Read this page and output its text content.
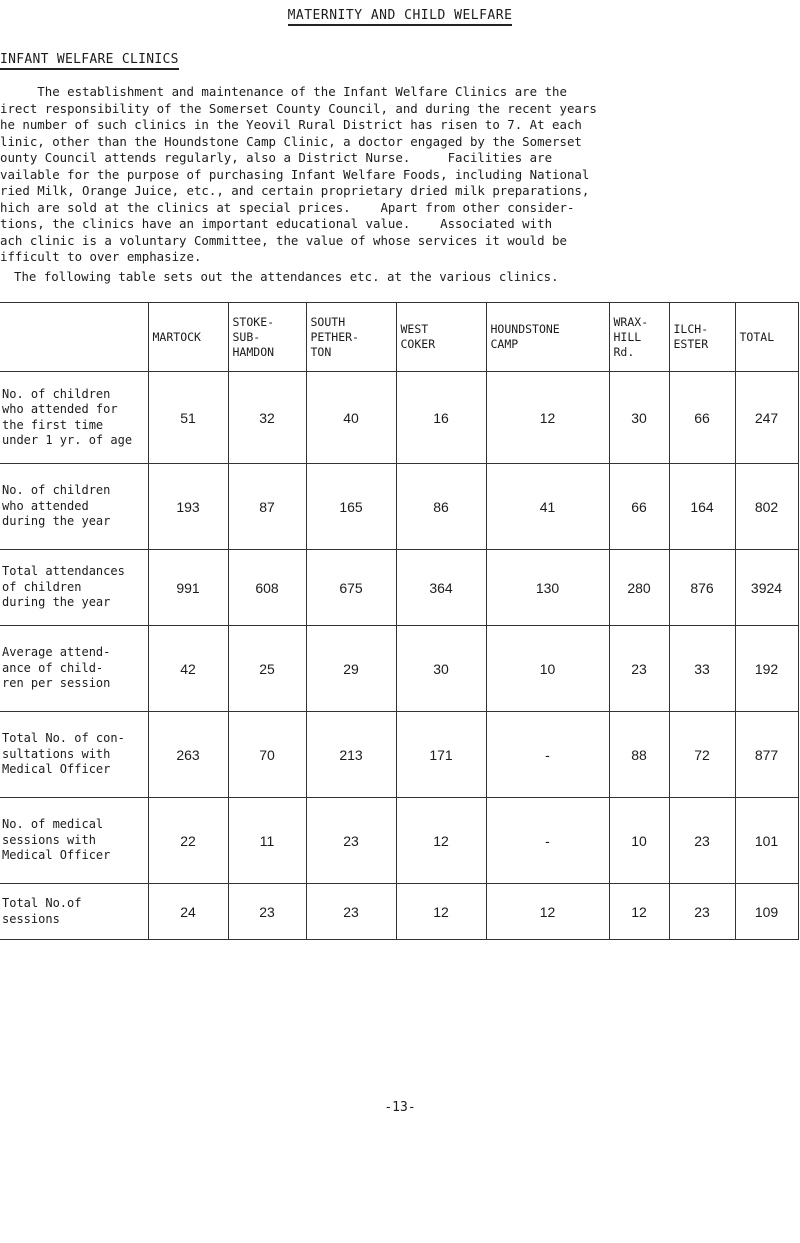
MATERNITY AND CHILD WELFARE
INFANT WELFARE CLINICS
The establishment and maintenance of the Infant Welfare Clinics are the
irect responsibility of the Somerset County Council, and during the recent years
he number of such clinics in the Yeovil Rural District has risen to 7. At each
linic, other than the Houndstone Camp Clinic, a doctor engaged by the Somerset
ounty Council attends regularly, also a District Nurse.     Facilities are
vailable for the purpose of purchasing Infant Welfare Foods, including National
ried Milk, Orange Juice, etc., and certain proprietary dried milk preparations,
hich are sold at the clinics at special prices.    Apart from other consider-
tions, the clinics have an important educational value.    Associated with
ach clinic is a voluntary Committee, the value of whose services it would be
ifficult to over emphasize.
The following table sets out the attendances etc. at the various clinics.
	MARTOCK	STOKE-
SUB-
HAMDON	SOUTH
PETHER-
TON	WEST
COKER	HOUNDSTONE
CAMP	WRAX-
HILL
Rd.	ILCH-
ESTER	TOTAL
No. of children
who attended for
the first time
under 1 yr. of age	51	32	40	16	12	30	66	247
No. of children
who attended
during the year	193	87	165	86	41	66	164	802
Total attendances
of children
during the year	991	608	675	364	130	280	876	3924
Average attend-
ance of child-
ren per session	42	25	29	30	10	23	33	192
Total No. of con-
sultations with
Medical Officer	263	70	213	171	-	88	72	877
No. of medical
sessions with
Medical Officer	22	11	23	12	-	10	23	101
Total No.of
sessions	24	23	23	12	12	12	23	109
-13-
